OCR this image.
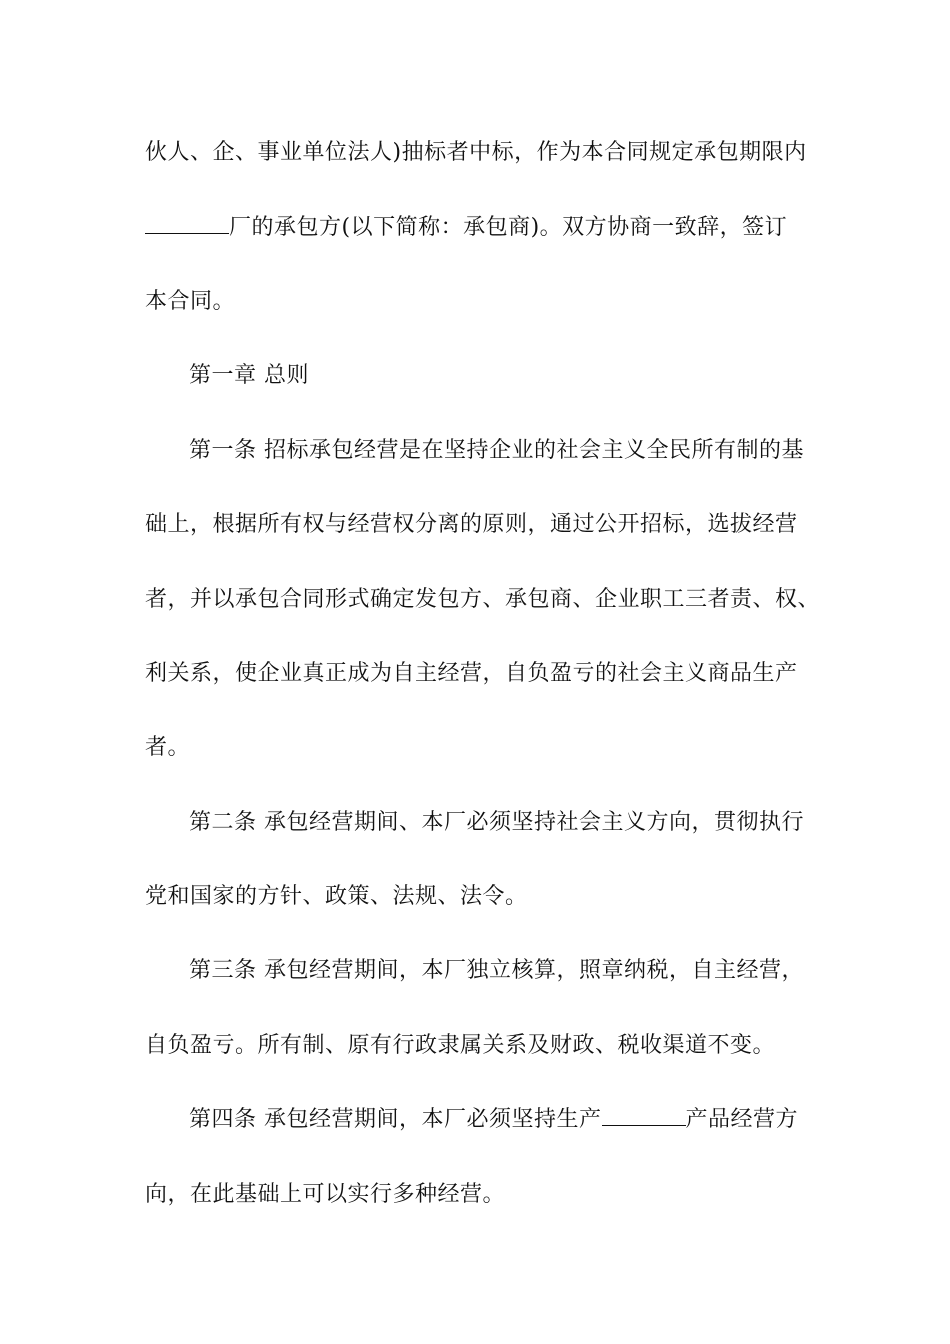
伙人、企、事业单位法人)抽标者中标，作为本合同规定承包期限内
厂的承包方(以下简称：承包商)。双方协商一致辞，签订
本合同。
第一章 总则
第一条 招标承包经营是在坚持企业的社会主义全民所有制的基
础上，根据所有权与经营权分离的原则，通过公开招标，选拔经营
者，并以承包合同形式确定发包方、承包商、企业职工三者责、权、
利关系，使企业真正成为自主经营，自负盈亏的社会主义商品生产
者。
第二条 承包经营期间、本厂必须坚持社会主义方向，贯彻执行
党和国家的方针、政策、法规、法令。
第三条 承包经营期间，本厂独立核算，照章纳税，自主经营，
自负盈亏。所有制、原有行政隶属关系及财政、税收渠道不变。
第四条 承包经营期间，本厂必须坚持生产	产品经营方
向，在此基础上可以实行多种经营。
